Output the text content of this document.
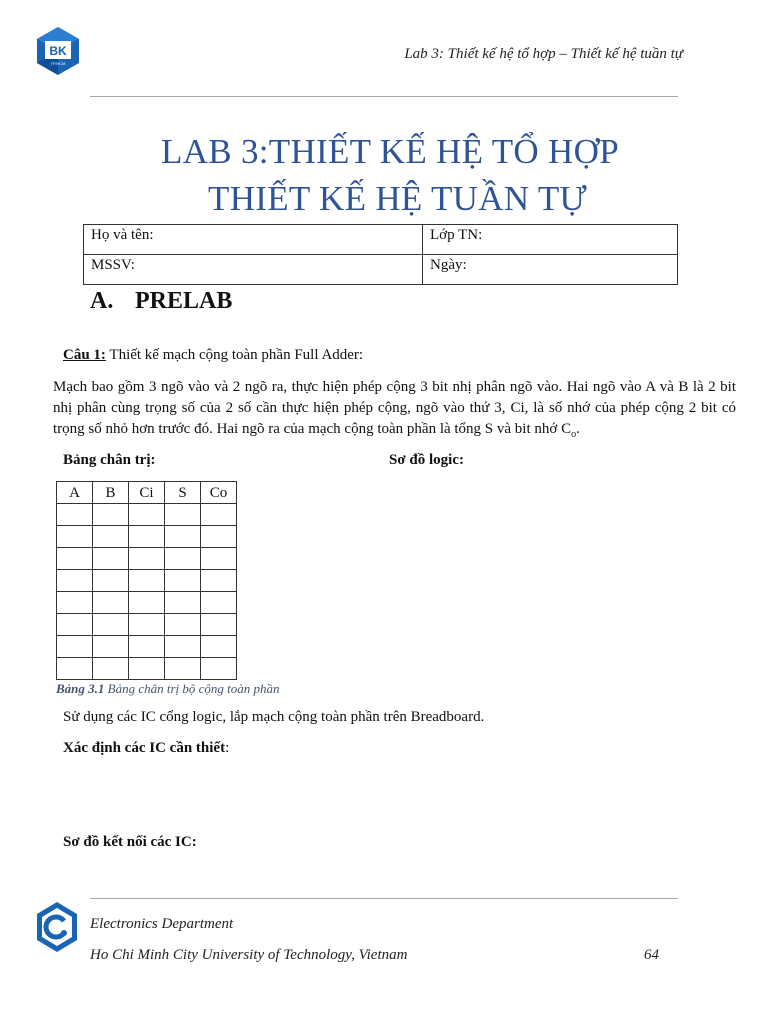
BK
TP.HCM
Lab 3: Thiết kế hệ tổ hợp – Thiết kế hệ tuần tự
LAB 3:THIẾT KẾ HỆ TỔ HỢP
THIẾT KẾ HỆ TUẦN TỰ
Họ và tên:	Lớp TN:
MSSV:	Ngày:
A. PRELAB
Câu 1: Thiết kế mạch cộng toàn phần Full Adder:
Mạch bao gồm 3 ngõ vào và 2 ngõ ra, thực hiện phép cộng 3 bit nhị phân ngõ vào. Hai ngõ vào A và B là 2 bit nhị phân cùng trọng số của 2 số cần thực hiện phép cộng, ngõ vào thứ 3, Ci, là số nhớ của phép cộng 2 bit có trọng số nhỏ hơn trước đó. Hai ngõ ra của mạch cộng toàn phần là tổng S và bit nhớ $C_o$.
Bảng chân trị:	Sơ đồ logic:
A	B	Ci	S	Co

Bảng 3.1 Bảng chân trị bộ cộng toàn phần
Sử dụng các IC cổng logic, lắp mạch cộng toàn phần trên Breadboard.
Xác định các IC cần thiết:
Sơ đồ kết nối các IC:
Electronics Department
Ho Chi Minh City University of Technology, Vietnam	64
